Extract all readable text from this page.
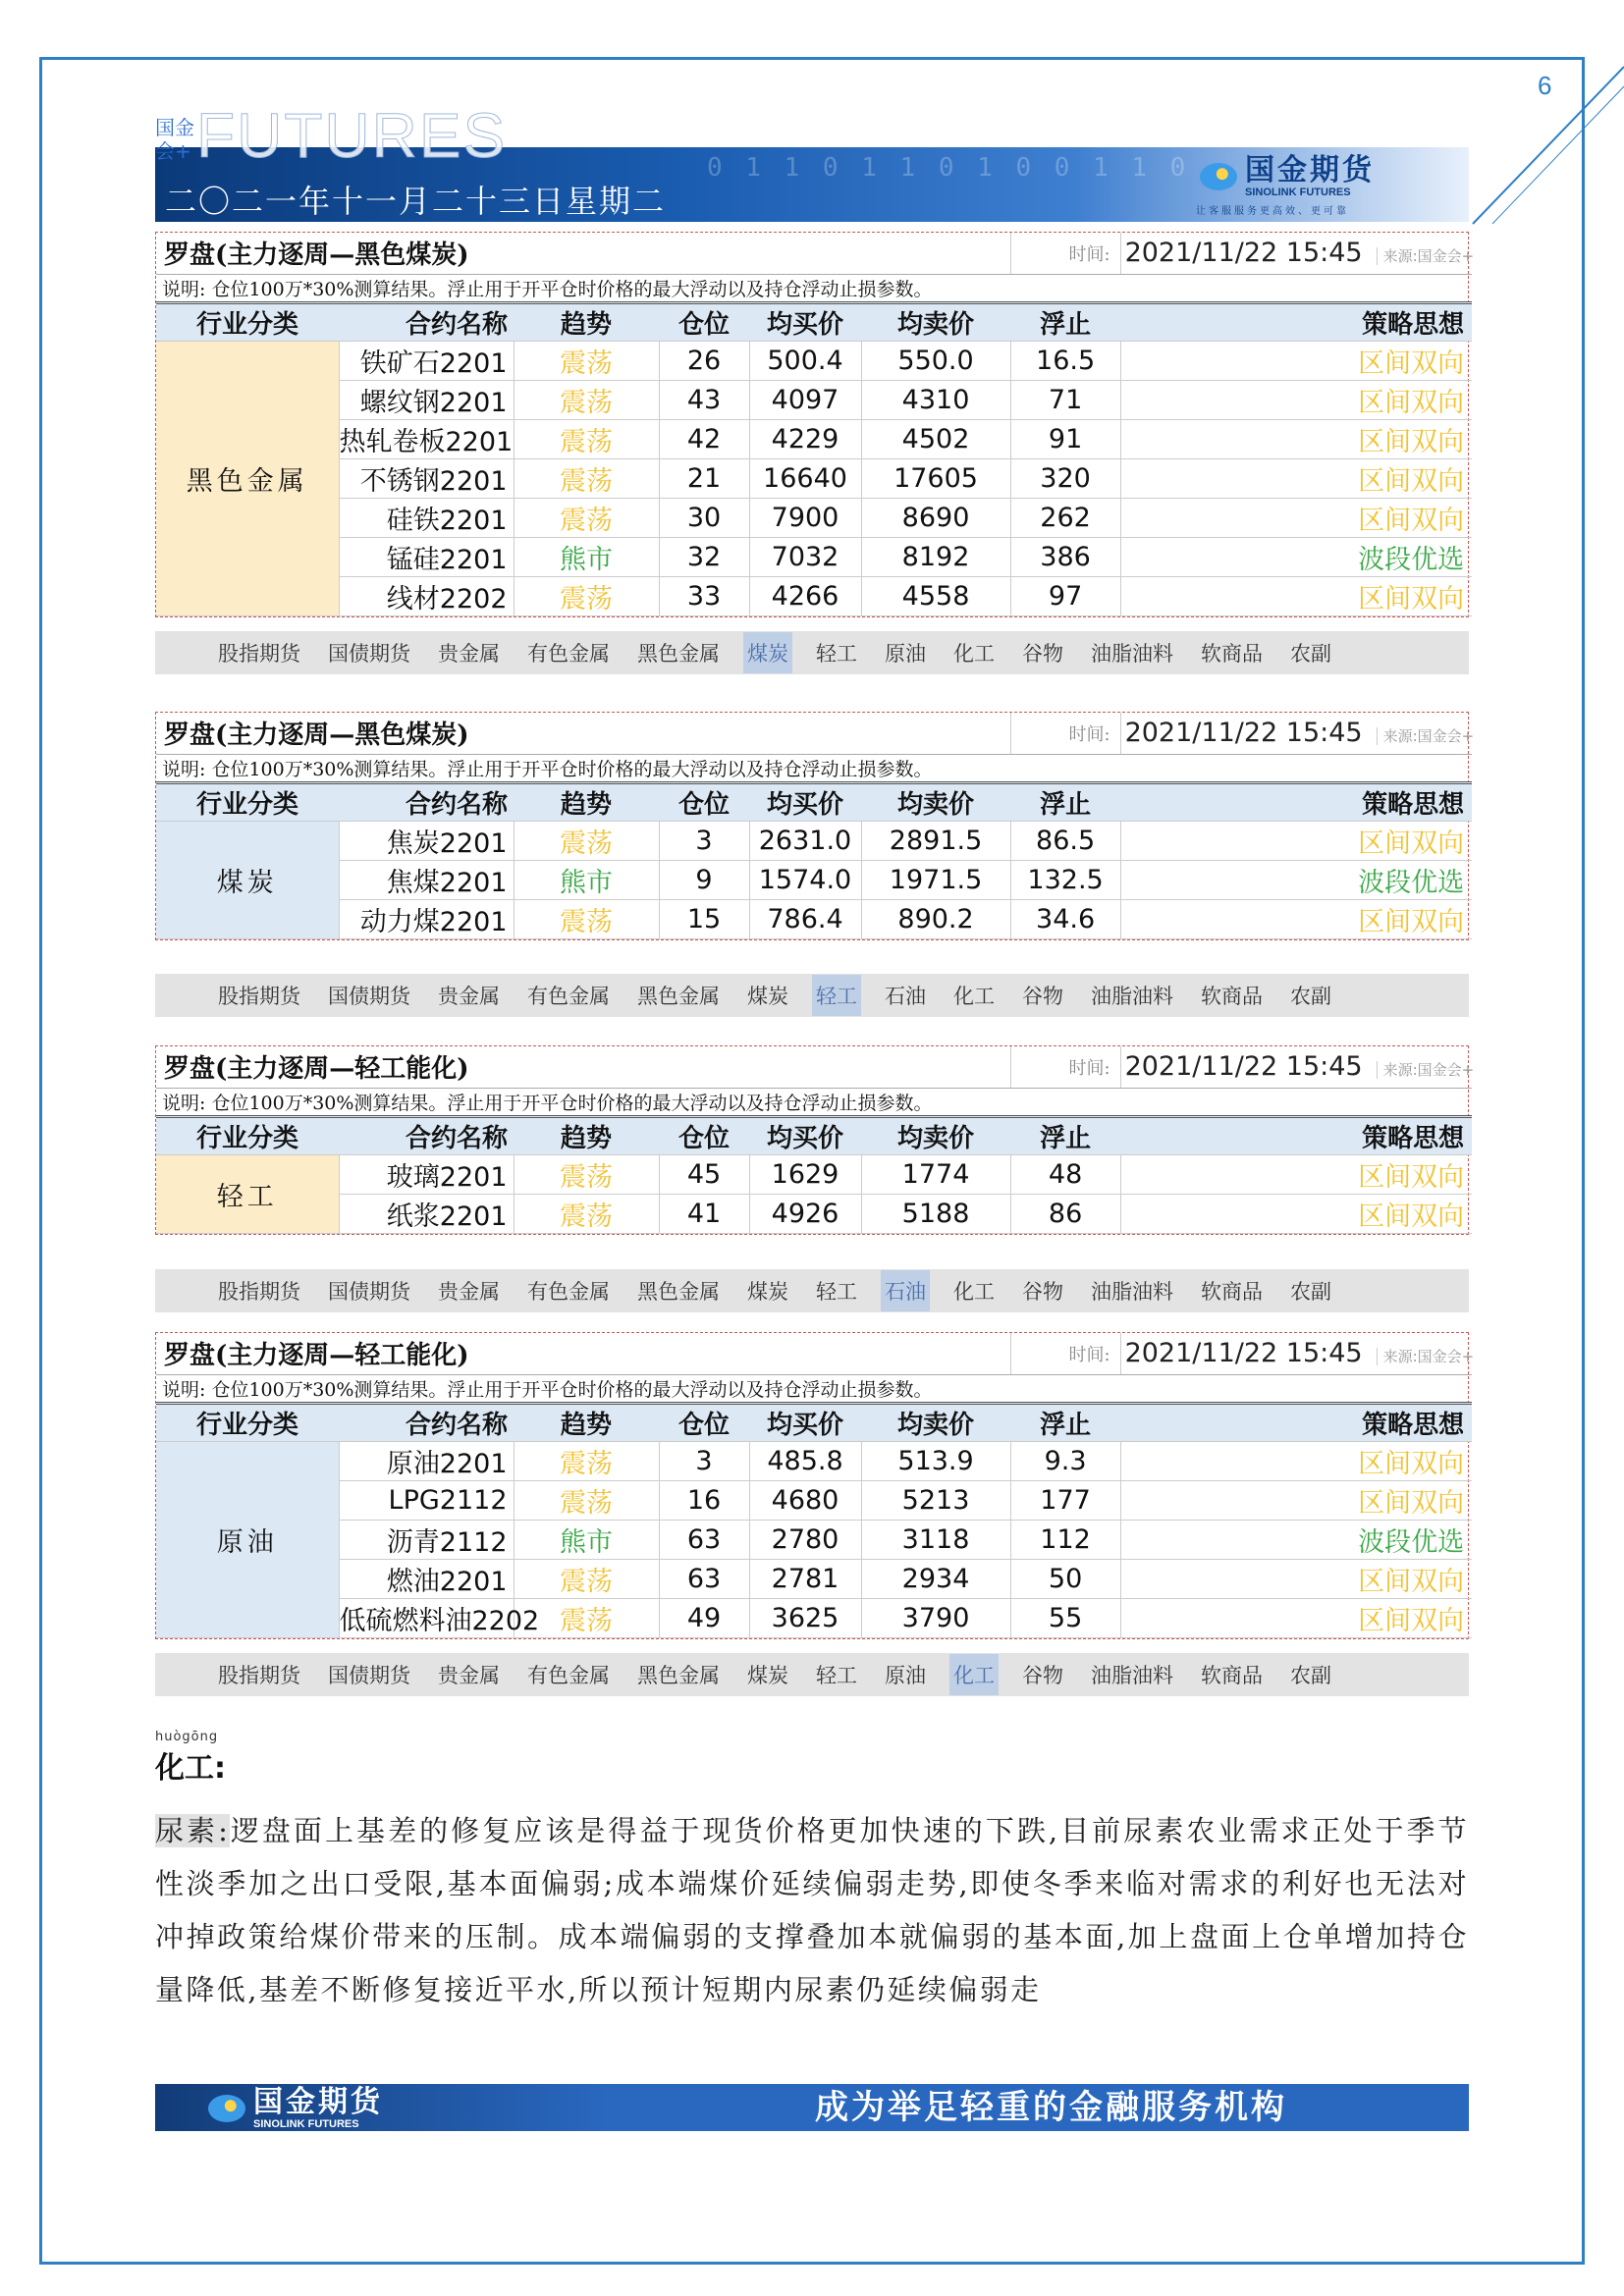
6
0 1 1 0 1 1 0 1 0 0 1 1 0
国金
会+ FUTURES
二〇二一年十一月二十三日星期二
国金期货
SINOLINK FUTURES
让客服服务更高效、更可靠
罗盘(主力逐周—黑色煤炭)						时间:	2021/11/22 15:45 来源:国金会+
说明: 仓位100万*30%测算结果。浮止用于开平仓时价格的最大浮动以及持仓浮动止损参数。							
行业分类	合约名称	趋势	仓位	均买价	均卖价	浮止	策略思想
黑色金属	铁矿石2201	震荡	26	500.4	550.0	16.5	区间双向
	螺纹钢2201	震荡	43	4097	4310	71	区间双向
	热轧卷板2201	震荡	42	4229	4502	91	区间双向
	不锈钢2201	震荡	21	16640	17605	320	区间双向
	硅铁2201	震荡	30	7900	8690	262	区间双向
	锰硅2201	熊市	32	7032	8192	386	波段优选
	线材2202	震荡	33	4266	4558	97	区间双向
罗盘(主力逐周—黑色煤炭)						时间:	2021/11/22 15:45 来源:国金会+
说明: 仓位100万*30%测算结果。浮止用于开平仓时价格的最大浮动以及持仓浮动止损参数。							
行业分类	合约名称	趋势	仓位	均买价	均卖价	浮止	策略思想
煤炭	焦炭2201	震荡	3	2631.0	2891.5	86.5	区间双向
	焦煤2201	熊市	9	1574.0	1971.5	132.5	波段优选
	动力煤2201	震荡	15	786.4	890.2	34.6	区间双向
罗盘(主力逐周—轻工能化)						时间:	2021/11/22 15:45 来源:国金会+
说明: 仓位100万*30%测算结果。浮止用于开平仓时价格的最大浮动以及持仓浮动止损参数。							
行业分类	合约名称	趋势	仓位	均买价	均卖价	浮止	策略思想
轻工	玻璃2201	震荡	45	1629	1774	48	区间双向
	纸浆2201	震荡	41	4926	5188	86	区间双向
罗盘(主力逐周—轻工能化)						时间:	2021/11/22 15:45 来源:国金会+
说明: 仓位100万*30%测算结果。浮止用于开平仓时价格的最大浮动以及持仓浮动止损参数。							
行业分类	合约名称	趋势	仓位	均买价	均卖价	浮止	策略思想
原油	原油2201	震荡	3	485.8	513.9	9.3	区间双向
	LPG2112	震荡	16	4680	5213	177	区间双向
	沥青2112	熊市	63	2780	3118	112	波段优选
	燃油2201	震荡	63	2781	2934	50	区间双向
	低硫燃料油2202	震荡	49	3625	3790	55	区间双向
股指期货 国债期货 贵金属 有色金属 黑色金属 煤炭 轻工 原油 化工 谷物 油脂油料 软商品 农副
股指期货 国债期货 贵金属 有色金属 黑色金属 煤炭 轻工 石油 化工 谷物 油脂油料 软商品 农副
股指期货 国债期货 贵金属 有色金属 黑色金属 煤炭 轻工 石油 化工 谷物 油脂油料 软商品 农副
股指期货 国债期货 贵金属 有色金属 黑色金属 煤炭 轻工 原油 化工 谷物 油脂油料 软商品 农副
huògōng
化工:
尿素:逻盘面上基差的修复应该是得益于现货价格更加快速的下跌,目前尿素农业需求正处于季节性淡季加之出口受限,基本面偏弱;成本端煤价延续偏弱走势,即使冬季来临对需求的利好也无法对冲掉政策给煤价带来的压制。成本端偏弱的支撑叠加本就偏弱的基本面,加上盘面上仓单增加持仓量降低,基差不断修复接近平水,所以预计短期内尿素仍延续偏弱走
国金期货
SINOLINK FUTURES	成为举足轻重的金融服务机构
